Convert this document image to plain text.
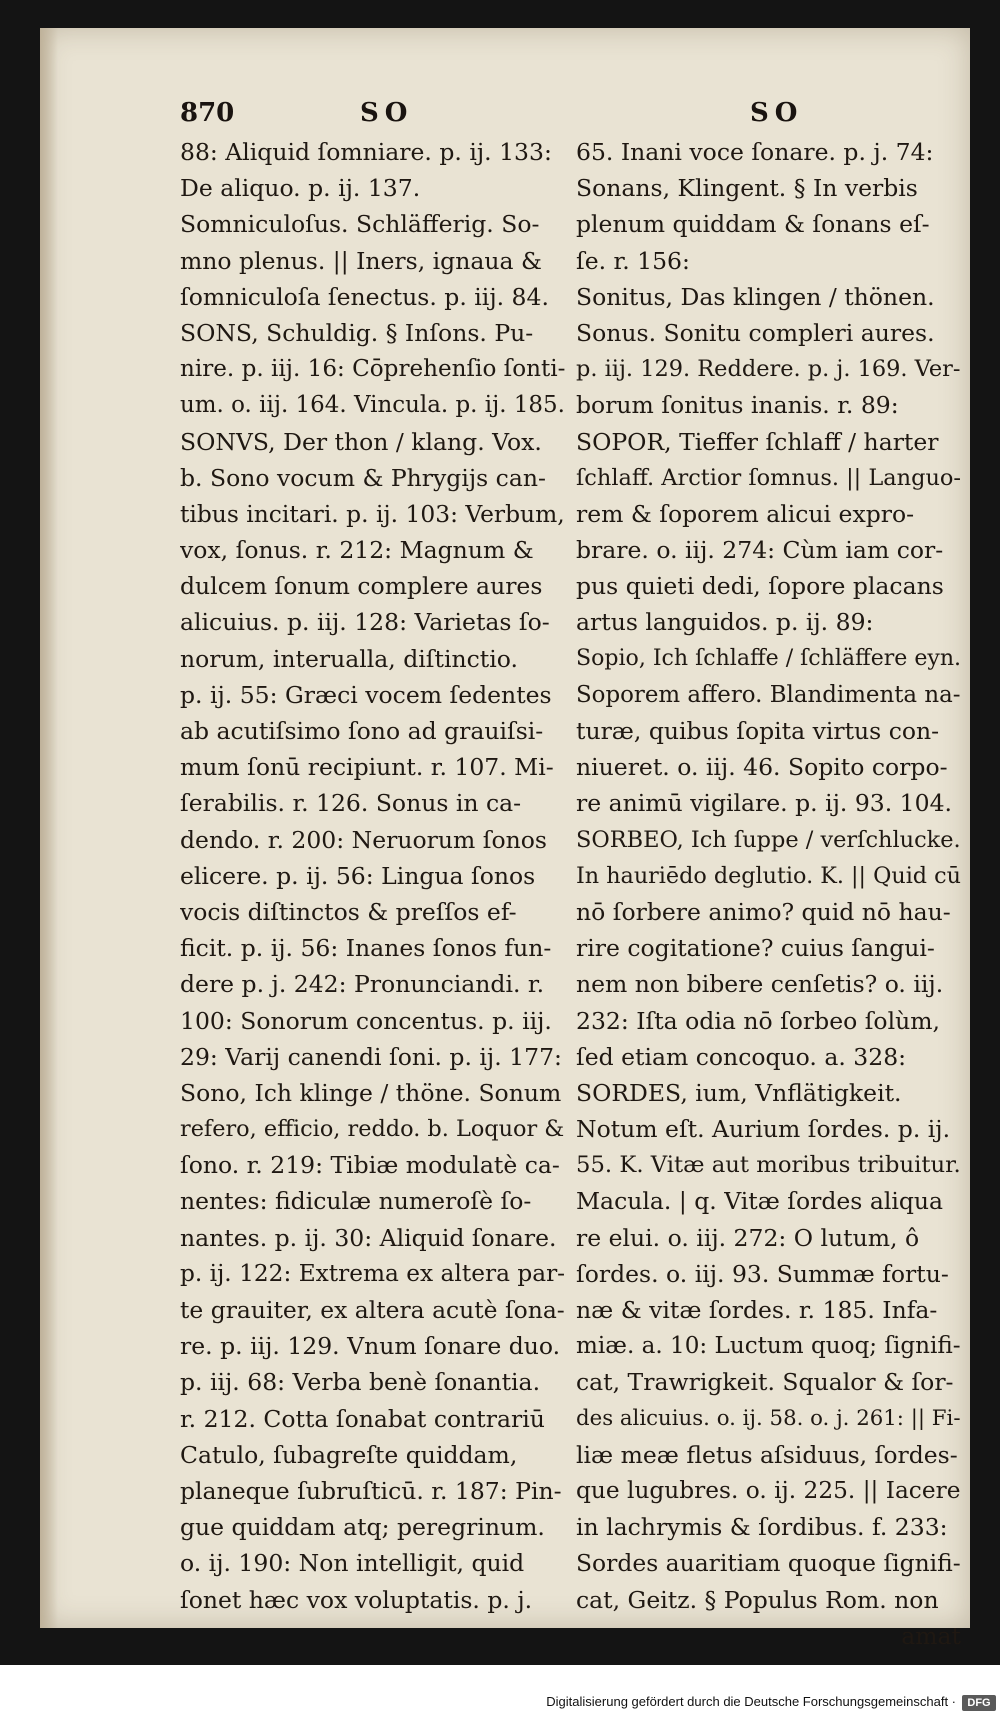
870	SO	SO
88: Aliquid ſomniare. p. ij. 133:
De aliquo. p. ij. 137.
Somniculoſus. Schläfferig. So-
mno plenus. || Iners, ignaua &
ſomniculoſa ſenectus. p. iij. 84.
SONS, Schuldig. § Inſons. Pu-
nire. p. iij. 16: Cōprehenſio ſonti-
um. o. iij. 164. Vincula. p. ij. 185.
SONVS, Der thon / klang. Vox.
b. Sono vocum & Phrygijs can-
tibus incitari. p. ij. 103: Verbum,
vox, ſonus. r. 212: Magnum &
dulcem ſonum complere aures
alicuius. p. iij. 128: Varietas ſo-
norum, interualla, diſtinctio.
p. ij. 55: Græci vocem ſedentes
ab acutiſsimo ſono ad grauiſsi-
mum ſonū recipiunt. r. 107. Mi-
ſerabilis. r. 126. Sonus in ca-
dendo. r. 200: Neruorum ſonos
elicere. p. ij. 56: Lingua ſonos
vocis diſtinctos & preſſos ef-
ficit. p. ij. 56: Inanes ſonos fun-
dere p. j. 242: Pronunciandi. r.
100: Sonorum concentus. p. iij.
29: Varij canendi ſoni. p. ij. 177:
Sono, Ich klinge / thöne. Sonum
refero, efficio, reddo. b. Loquor &
ſono. r. 219: Tibiæ modulatè ca-
nentes: fidiculæ numeroſè ſo-
nantes. p. ij. 30: Aliquid ſonare.
p. ij. 122: Extrema ex altera par-
te grauiter, ex altera acutè ſona-
re. p. iij. 129. Vnum ſonare duo.
p. iij. 68: Verba benè ſonantia.
r. 212. Cotta ſonabat contrariū
Catulo, ſubagreſte quiddam,
planeque ſubruſticū. r. 187: Pin-
gue quiddam atq; peregrinum.
o. ij. 190: Non intelligit, quid
ſonet hæc vox voluptatis. p. j.
65. Inani voce ſonare. p. j. 74:
Sonans, Klingent. § In verbis
plenum quiddam & ſonans eſ-
ſe. r. 156:
Sonitus, Das klingen / thönen.
Sonus. Sonitu compleri aures.
p. iij. 129. Reddere. p. j. 169. Ver-
borum ſonitus inanis. r. 89:
SOPOR, Tieffer ſchlaff / harter
ſchlaff. Arctior ſomnus. || Languo-
rem & ſoporem alicui expro-
brare. o. iij. 274: Cùm iam cor-
pus quieti dedi, ſopore placans
artus languidos. p. ij. 89:
Sopio, Ich ſchlaffe / ſchläffere eyn.
Soporem affero. Blandimenta na-
turæ, quibus ſopita virtus con-
niueret. o. iij. 46. Sopito corpo-
re animū vigilare. p. ij. 93. 104.
SORBEO, Ich ſuppe / verſchlucke.
In hauriēdo deglutio. K. || Quid cū
nō ſorbere animo? quid nō hau-
rire cogitatione? cuius ſangui-
nem non bibere cenſetis? o. iij.
232: Iſta odia nō ſorbeo ſolùm,
ſed etiam concoquo. a. 328:
SORDES, ium, Vnflätigkeit.
Notum eſt. Aurium ſordes. p. ij.
55. K. Vitæ aut moribus tribuitur.
Macula. | q. Vitæ ſordes aliqua
re elui. o. iij. 272: O lutum, ô
ſordes. o. iij. 93. Summæ fortu-
næ & vitæ ſordes. r. 185. Infa-
miæ. a. 10: Luctum quoq; ſignifi-
cat, Trawrigkeit. Squalor & ſor-
des alicuius. o. ij. 58. o. j. 261: || Fi-
liæ meæ fletus aſsiduus, ſordes-
que lugubres. o. ij. 225. || Iacere
in lachrymis & ſordibus. f. 233:
Sordes auaritiam quoque ſignifi-
cat, Geitz. § Populus Rom. non
amat
Digitalisierung gefördert durch die Deutsche Forschungsgemeinschaft ·	DFG
